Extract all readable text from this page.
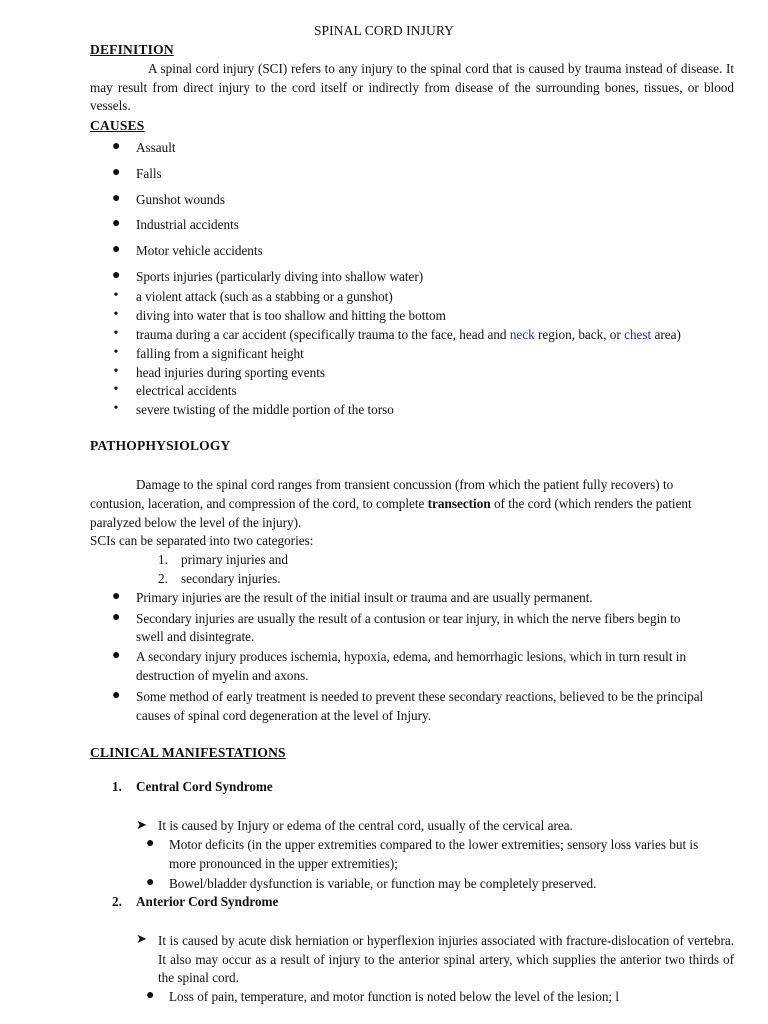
SPINAL CORD INJURY
DEFINITION
A spinal cord injury (SCI) refers to any injury to the spinal cord that is caused by trauma instead of disease. It may result from direct injury to the cord itself or indirectly from disease of the surrounding bones, tissues, or blood vessels.
CAUSES
● Assault
● Falls
● Gunshot wounds
● Industrial accidents
● Motor vehicle accidents
● Sports injuries (particularly diving into shallow water)
• a violent attack (such as a stabbing or a gunshot)
• diving into water that is too shallow and hitting the bottom
• trauma during a car accident (specifically trauma to the face, head and neck region, back, or chest area)
• falling from a significant height
• head injuries during sporting events
• electrical accidents
• severe twisting of the middle portion of the torso
PATHOPHYSIOLOGY
Damage to the spinal cord ranges from transient concussion (from which the patient fully recovers) to
contusion, laceration, and compression of the cord, to complete transection of the cord (which renders the patient
paralyzed below the level of the injury).
SCIs can be separated into two categories:
1. primary injuries and
2. secondary injuries.
● Primary injuries are the result of the initial insult or trauma and are usually permanent.
● Secondary injuries are usually the result of a contusion or tear injury, in which the nerve fibers begin to
swell and disintegrate.
● A secondary injury produces ischemia, hypoxia, edema, and hemorrhagic lesions, which in turn result in
destruction of myelin and axons.
● Some method of early treatment is needed to prevent these secondary reactions, believed to be the principal
causes of spinal cord degeneration at the level of Injury.
CLINICAL MANIFESTATIONS
1. Central Cord Syndrome
➤ It is caused by Injury or edema of the central cord, usually of the cervical area.
● Motor deficits (in the upper extremities compared to the lower extremities; sensory loss varies but is
more pronounced in the upper extremities);
● Bowel/bladder dysfunction is variable, or function may be completely preserved.
2. Anterior Cord Syndrome
➤ It is caused by acute disk herniation or hyperflexion injuries associated with fracture-dislocation of vertebra. It also may occur as a result of injury to the anterior spinal artery, which supplies the anterior two thirds of the spinal cord.
● Loss of pain, temperature, and motor function is noted below the level of the lesion; l
